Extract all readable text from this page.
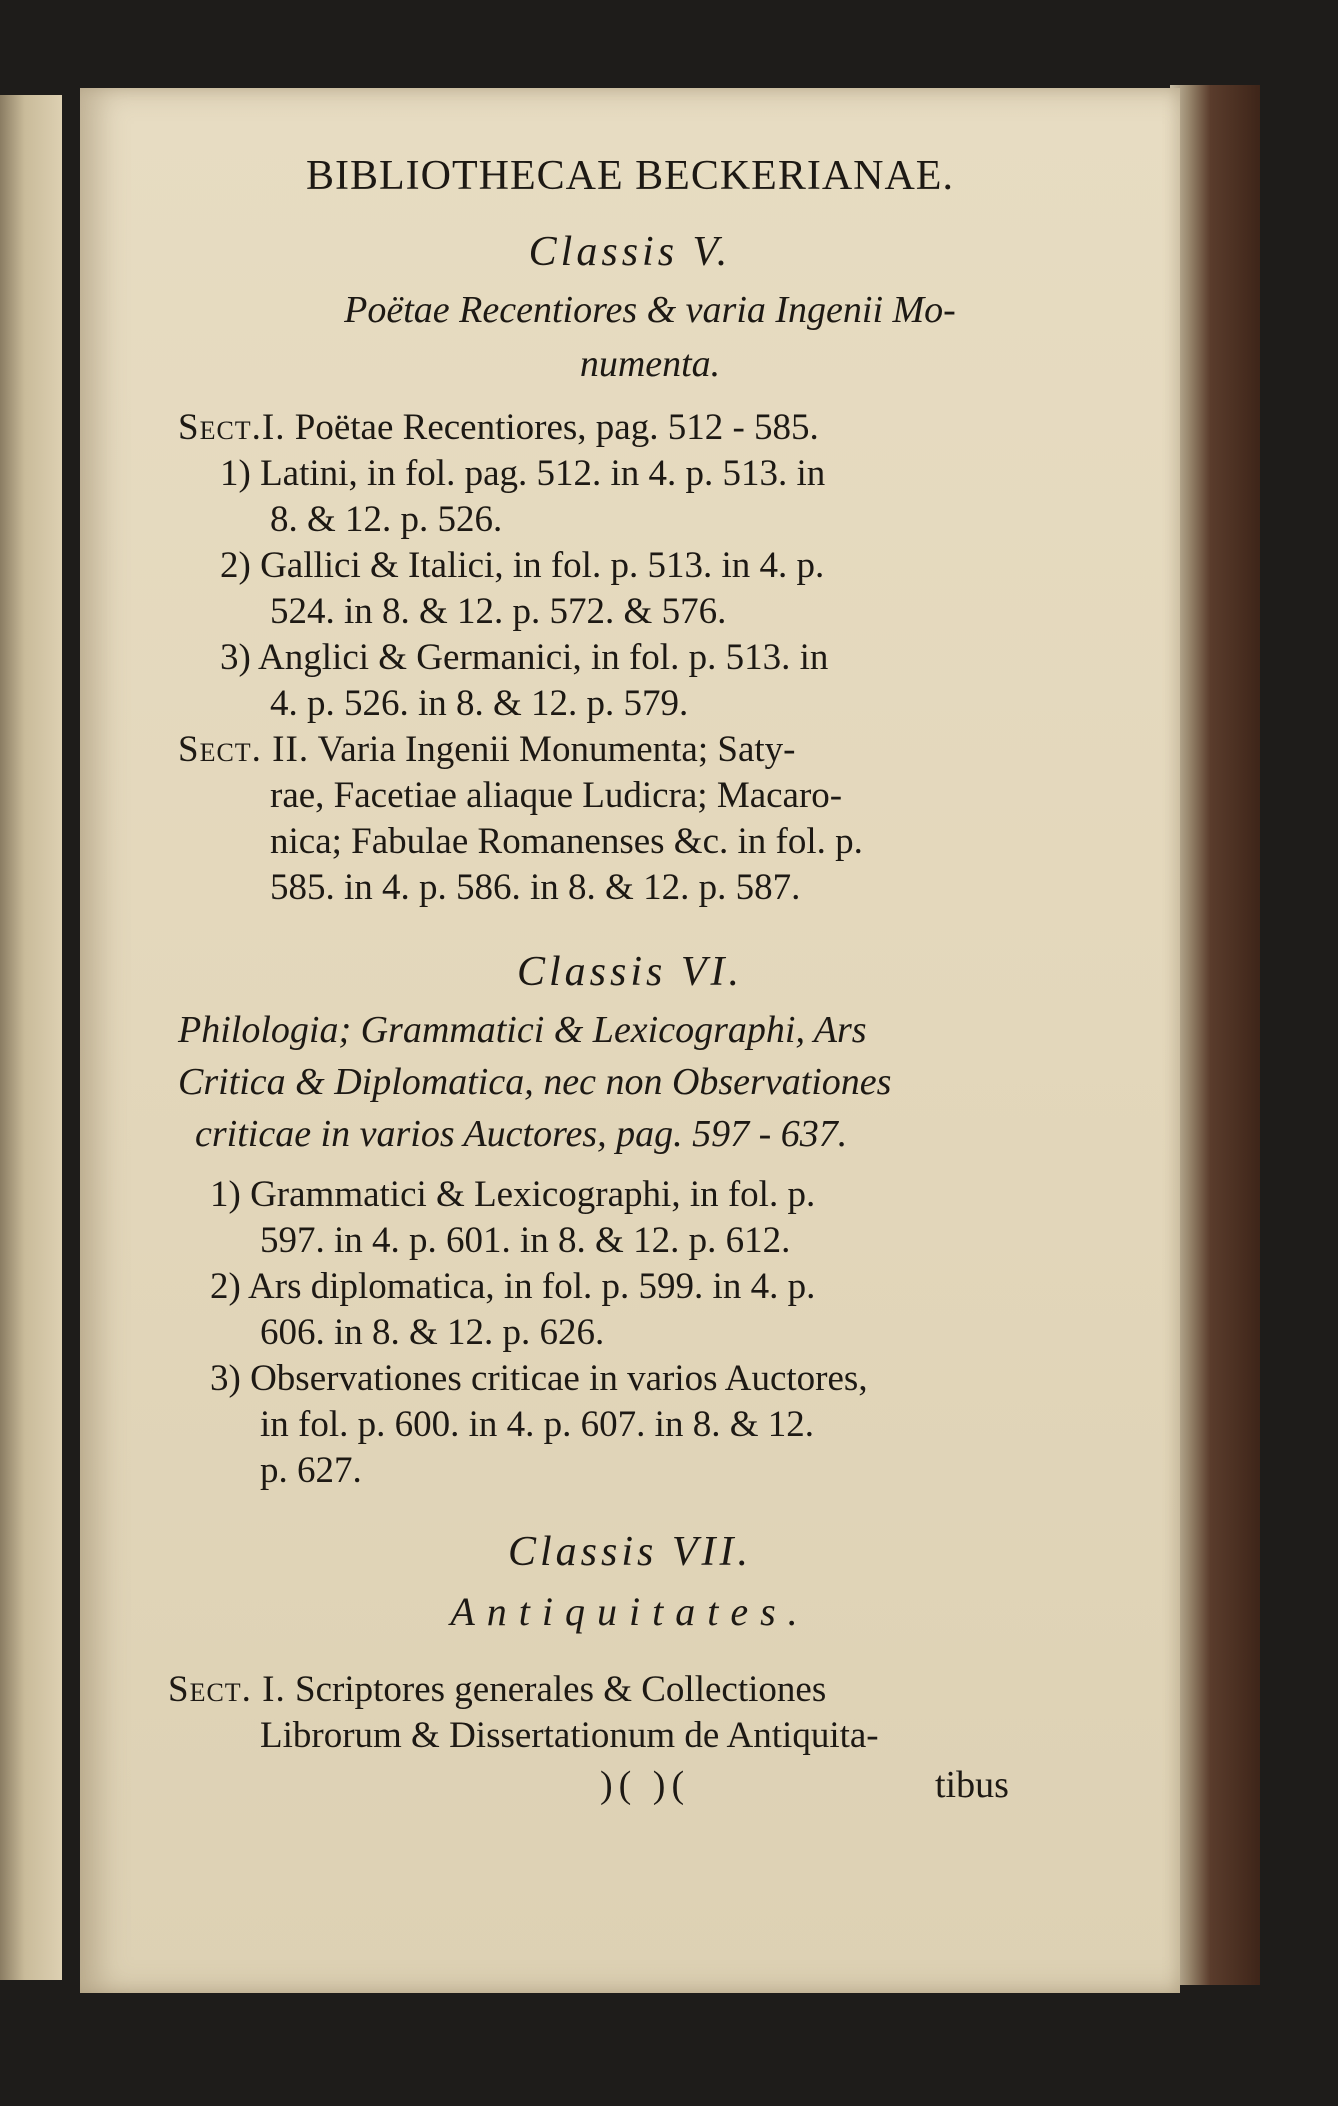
BIBLIOTHECAE BECKERIANAE.
Classis V.
Poëtae Recentiores & varia Ingenii Mo-
numenta.
Sect.I. Poëtae Recentiores, pag. 512 - 585.
1) Latini, in fol. pag. 512. in 4. p. 513. in
8. & 12. p. 526.
2) Gallici & Italici, in fol. p. 513. in 4. p.
524. in 8. & 12. p. 572. & 576.
3) Anglici & Germanici, in fol. p. 513. in
4. p. 526. in 8. & 12. p. 579.
Sect. II. Varia Ingenii Monumenta; Saty-
rae, Facetiae aliaque Ludicra; Macaro-
nica; Fabulae Romanenses &c. in fol. p.
585. in 4. p. 586. in 8. & 12. p. 587.
Classis VI.
Philologia; Grammatici & Lexicographi, Ars
Critica & Diplomatica, nec non Observationes
criticae in varios Auctores, pag. 597 - 637.
1) Grammatici & Lexicographi, in fol. p.
597. in 4. p. 601. in 8. & 12. p. 612.
2) Ars diplomatica, in fol. p. 599. in 4. p.
606. in 8. & 12. p. 626.
3) Observationes criticae in varios Auctores,
in fol. p. 600. in 4. p. 607. in 8. & 12.
p. 627.
Classis VII.
Antiquitates.
Sect. I. Scriptores generales & Collectiones
Librorum & Dissertationum de Antiquita-
)( )(	tibus
